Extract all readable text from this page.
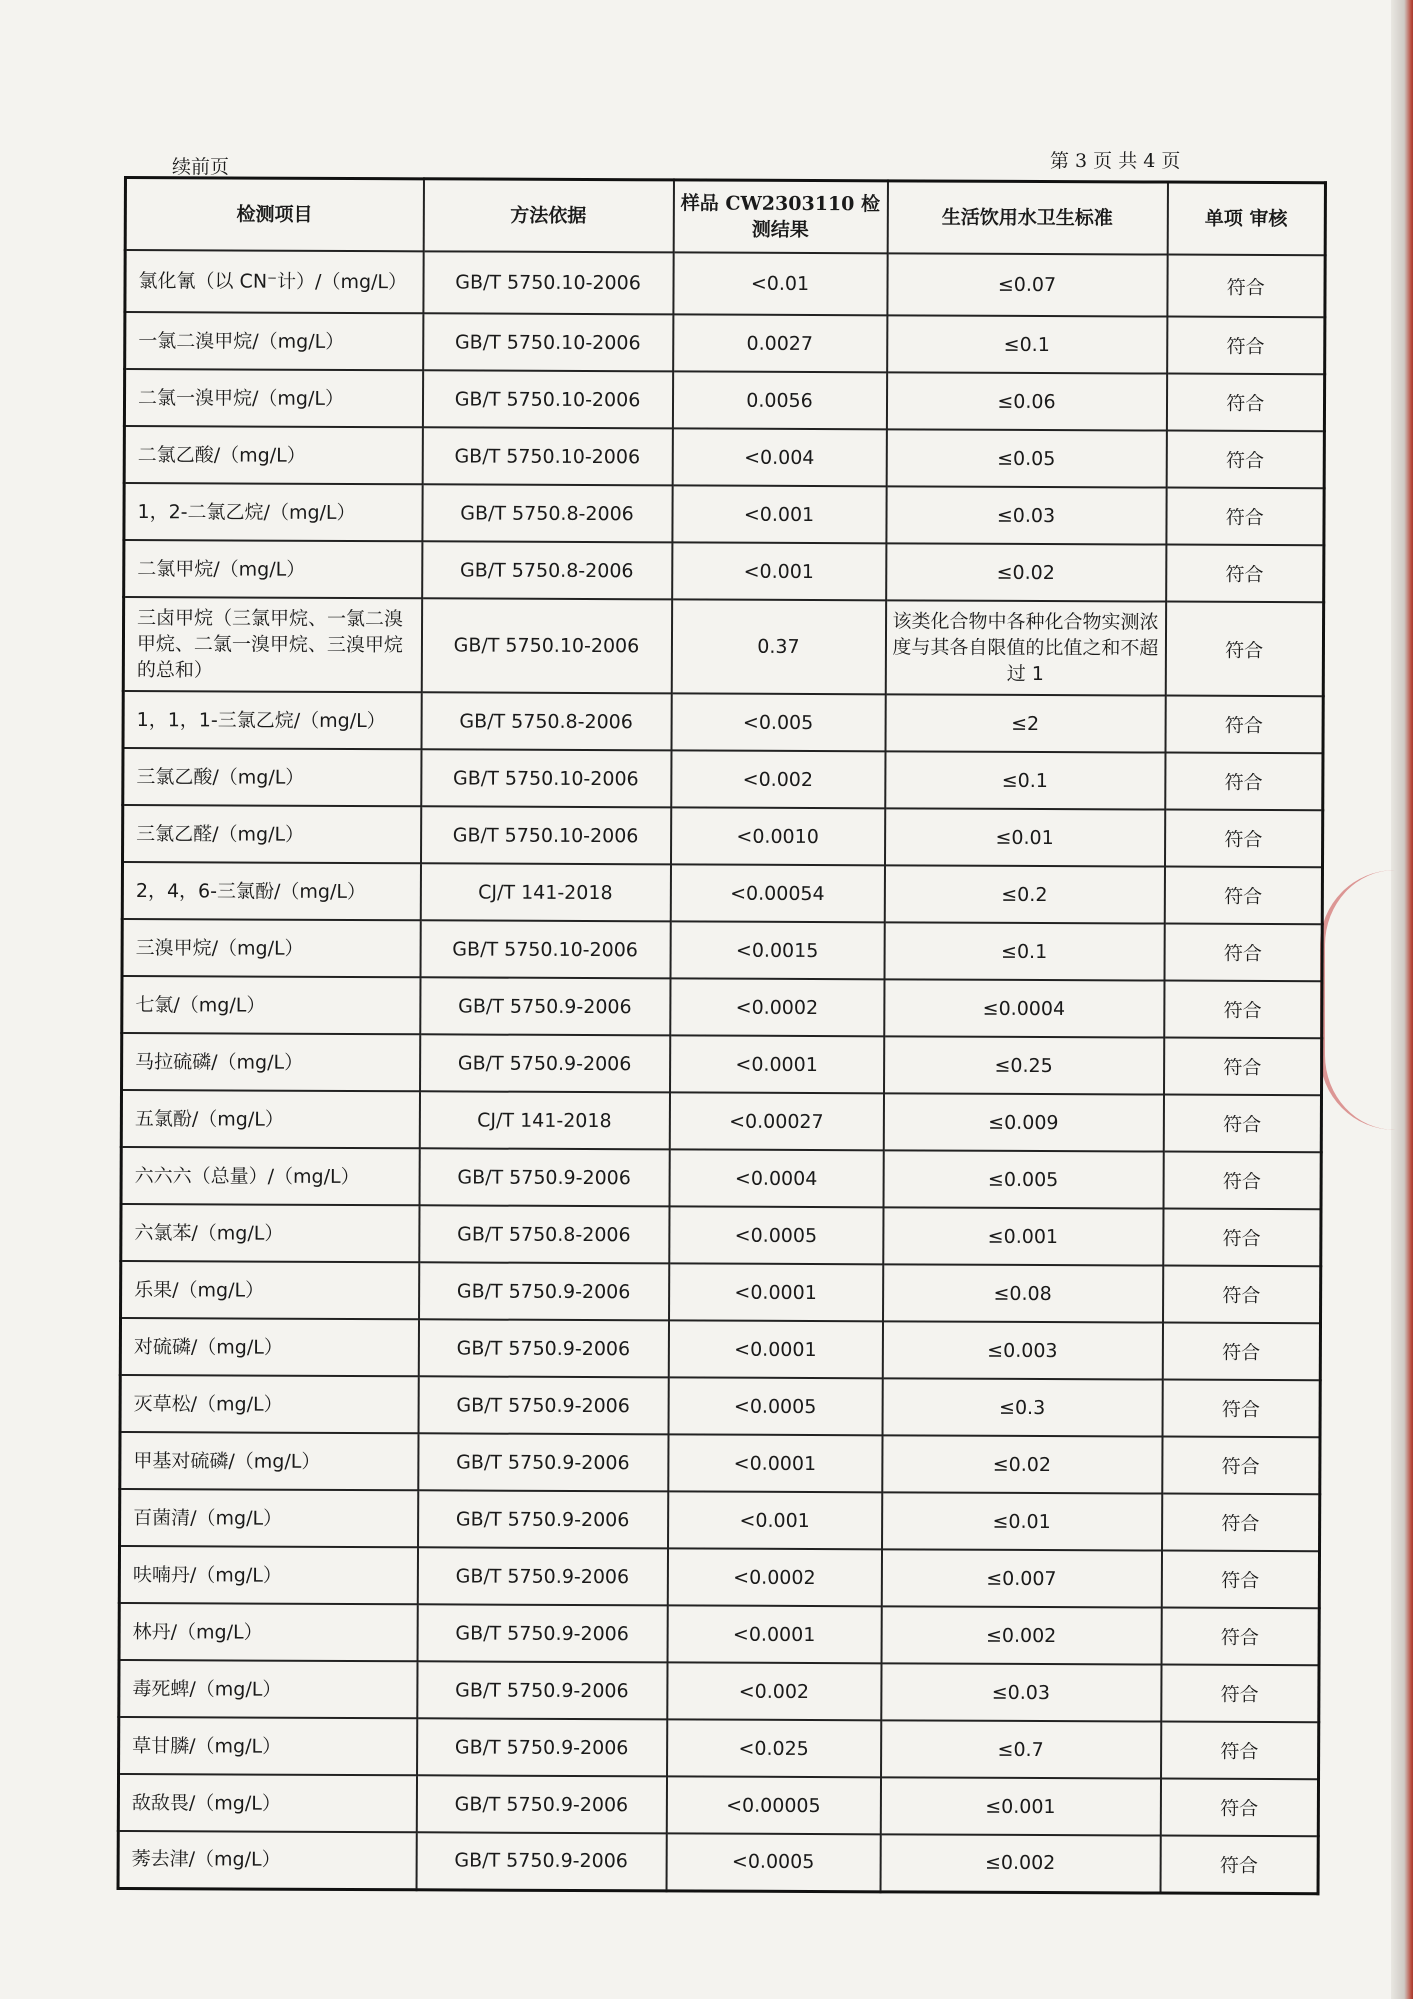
续前页	第 3 页 共 4 页
检测项目	方法依据	样品 CW2303110 检测结果	生活饮用水卫生标准	单项 审核
氯化氰（以 CN⁻计）/（mg/L）	GB/T 5750.10-2006	<0.01	≤0.07	符合
一氯二溴甲烷/（mg/L）	GB/T 5750.10-2006	0.0027	≤0.1	符合
二氯一溴甲烷/（mg/L）	GB/T 5750.10-2006	0.0056	≤0.06	符合
二氯乙酸/（mg/L）	GB/T 5750.10-2006	<0.004	≤0.05	符合
1，2-二氯乙烷/（mg/L）	GB/T 5750.8-2006	<0.001	≤0.03	符合
二氯甲烷/（mg/L）	GB/T 5750.8-2006	<0.001	≤0.02	符合
三卤甲烷（三氯甲烷、一氯二溴甲烷、二氯一溴甲烷、三溴甲烷的总和）	GB/T 5750.10-2006	0.37	该类化合物中各种化合物实测浓度与其各自限值的比值之和不超过 1	符合
1，1，1-三氯乙烷/（mg/L）	GB/T 5750.8-2006	<0.005	≤2	符合
三氯乙酸/（mg/L）	GB/T 5750.10-2006	<0.002	≤0.1	符合
三氯乙醛/（mg/L）	GB/T 5750.10-2006	<0.0010	≤0.01	符合
2，4，6-三氯酚/（mg/L）	CJ/T 141-2018	<0.00054	≤0.2	符合
三溴甲烷/（mg/L）	GB/T 5750.10-2006	<0.0015	≤0.1	符合
七氯/（mg/L）	GB/T 5750.9-2006	<0.0002	≤0.0004	符合
马拉硫磷/（mg/L）	GB/T 5750.9-2006	<0.0001	≤0.25	符合
五氯酚/（mg/L）	CJ/T 141-2018	<0.00027	≤0.009	符合
六六六（总量）/（mg/L）	GB/T 5750.9-2006	<0.0004	≤0.005	符合
六氯苯/（mg/L）	GB/T 5750.8-2006	<0.0005	≤0.001	符合
乐果/（mg/L）	GB/T 5750.9-2006	<0.0001	≤0.08	符合
对硫磷/（mg/L）	GB/T 5750.9-2006	<0.0001	≤0.003	符合
灭草松/（mg/L）	GB/T 5750.9-2006	<0.0005	≤0.3	符合
甲基对硫磷/（mg/L）	GB/T 5750.9-2006	<0.0001	≤0.02	符合
百菌清/（mg/L）	GB/T 5750.9-2006	<0.001	≤0.01	符合
呋喃丹/（mg/L）	GB/T 5750.9-2006	<0.0002	≤0.007	符合
林丹/（mg/L）	GB/T 5750.9-2006	<0.0001	≤0.002	符合
毒死蜱/（mg/L）	GB/T 5750.9-2006	<0.002	≤0.03	符合
草甘膦/（mg/L）	GB/T 5750.9-2006	<0.025	≤0.7	符合
敌敌畏/（mg/L）	GB/T 5750.9-2006	<0.00005	≤0.001	符合
莠去津/（mg/L）	GB/T 5750.9-2006	<0.0005	≤0.002	符合
